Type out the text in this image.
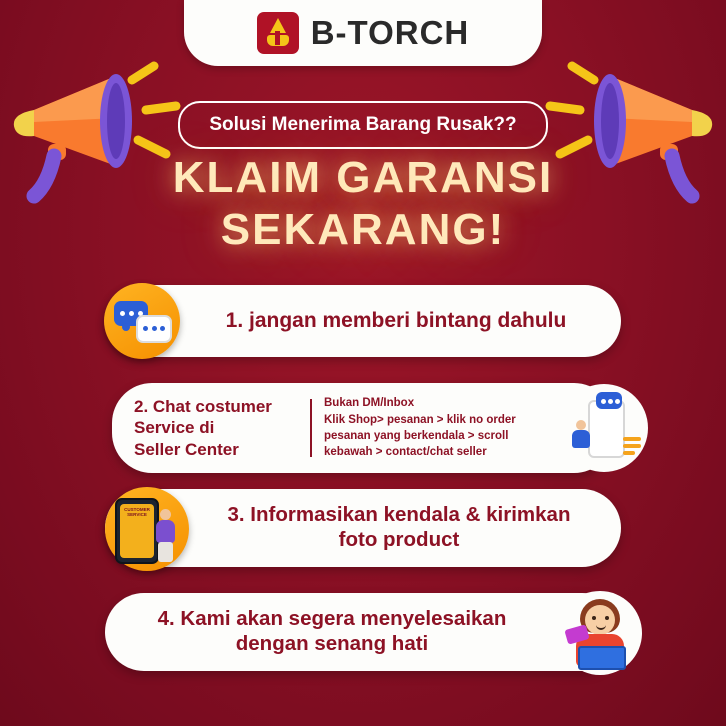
B-TORCH
Solusi Menerima Barang Rusak??
KLAIM GARANSI
SEKARANG!
1. jangan memberi bintang dahulu
2. Chat costumer
Service di
Seller Center
Bukan DM/Inbox
Klik Shop> pesanan > klik no order
pesanan yang berkendala > scroll
kebawah > contact/chat seller
3. Informasikan kendala & kirimkan
foto product
CUSTOMER
SERVICE
4. Kami akan segera menyelesaikan
dengan senang hati
